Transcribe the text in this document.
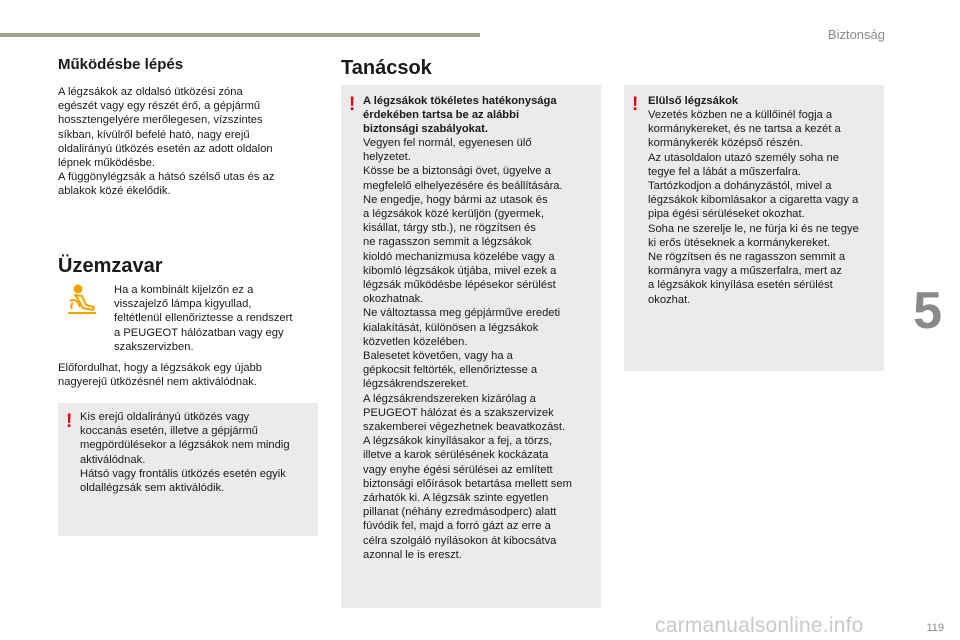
Biztonság
5
Működésbe lépés

A légzsákok az oldalsó ütközési zóna
egészét vagy egy részét érő, a gépjármű
hossztengelyére merőlegesen, vízszintes
síkban, kívülről befelé ható, nagy erejű
oldalirányú ütközés esetén az adott oldalon
lépnek működésbe.
A függönylégzsák a hátsó szélső utas és az
ablakok közé ékelődik.

Üzemzavar

Ha a kombinált kijelzőn ez a
visszajelző lámpa kigyullad,
feltétlenül ellenőriztesse a rendszert
a PEUGEOT hálózatban vagy egy
szakszervizben.

Előfordulhat, hogy a légzsákok egy újabb
nagyerejű ütközésnél nem aktiválódnak.

! Kis erejű oldalirányú ütközés vagy
koccanás esetén, illetve a gépjármű
megpördülésekor a légzsákok nem mindig
aktiválódnak.
Hátsó vagy frontális ütközés esetén egyik
oldallégzsák sem aktiválódik.

Tanácsok
! A légzsákok tökéletes hatékonysága
érdekében tartsa be az alábbi
biztonsági szabályokat.

Vegyen fel normál, egyenesen ülő
helyzetet.
Kösse be a biztonsági övet, ügyelve a
megfelelő elhelyezésére és beállítására.
Ne engedje, hogy bármi az utasok és
a légzsákok közé kerüljön (gyermek,
kisállat, tárgy stb.), ne rögzítsen és
ne ragasszon semmit a légzsákok
kioldó mechanizmusa közelébe vagy a
kibomló légzsákok útjába, mivel ezek a
légzsák működésbe lépésekor sérülést
okozhatnak.
Ne változtassa meg gépjárműve eredeti
kialakítását, különösen a légzsákok
közvetlen közelében.
Balesetet követően, vagy ha a
gépkocsit feltörték, ellenőriztesse a
légzsákrendszereket.
A légzsákrendszereken kizárólag a
PEUGEOT hálózat és a szakszervizek
szakemberei végezhetnek beavatkozást.
A légzsákok kinyílásakor a fej, a törzs,
illetve a karok sérülésének kockázata
vagy enyhe égési sérülései az említett
biztonsági előírások betartása mellett sem
zárhatók ki. A légzsák szinte egyetlen
pillanat (néhány ezredmásodperc) alatt
fúvódik fel, majd a forró gázt az erre a
célra szolgáló nyílásokon át kibocsátva
azonnal le is ereszt.

! Elülső légzsákok

Vezetés közben ne a küllőinél fogja a
kormánykereket, és ne tartsa a kezét a
kormánykerék középső részén.
Az utasoldalon utazó személy soha ne
tegye fel a lábát a műszerfalra.
Tartózkodjon a dohányzástól, mivel a
légzsákok kibomlásakor a cigaretta vagy a
pipa égési sérüléseket okozhat.
Soha ne szerelje le, ne fúrja ki és ne tegye
ki erős ütéseknek a kormánykereket.
Ne rögzítsen és ne ragasszon semmit a
kormányra vagy a műszerfalra, mert az
a légzsákok kinyílása esetén sérülést
okozhat.

carmanualsonline.info	119
